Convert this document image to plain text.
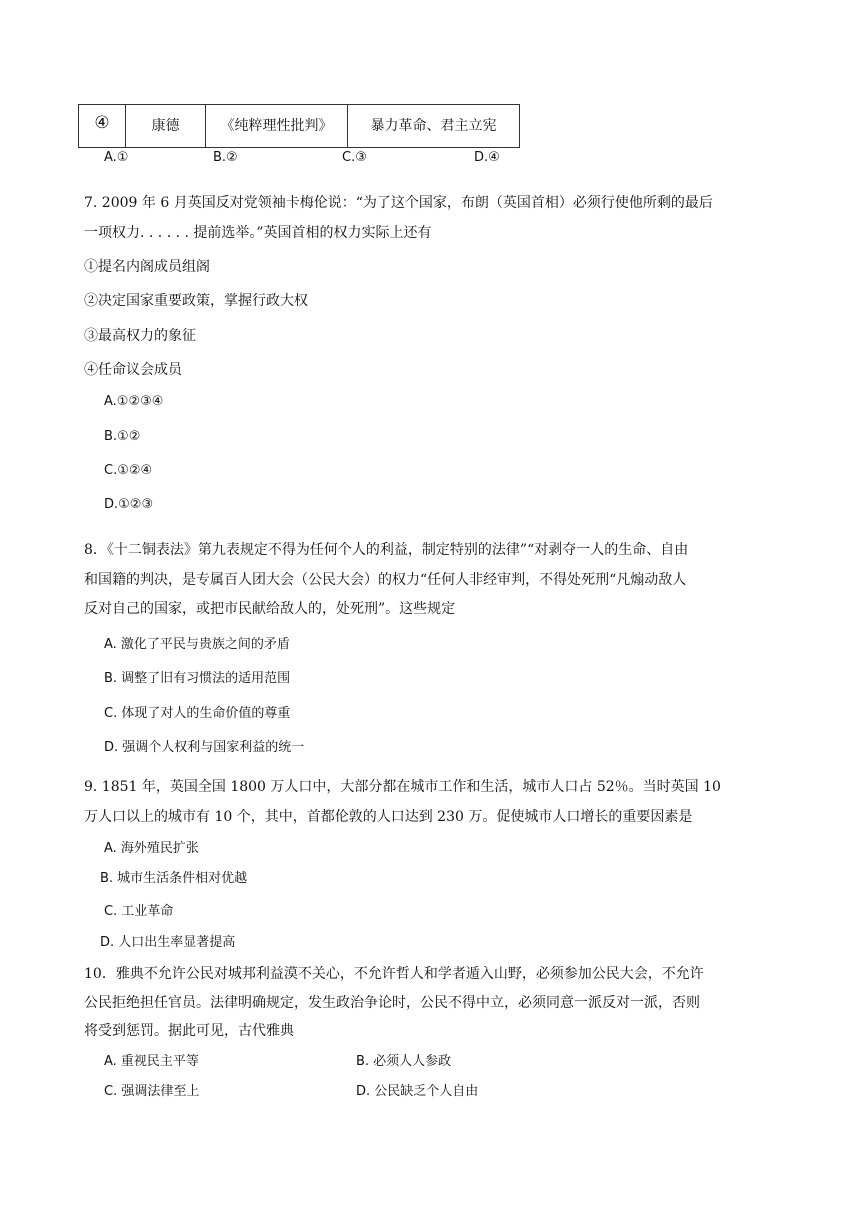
④	康德	《纯粹理性批判》	暴力革命、君主立宪
A.①	B.②	C.③	D.④
7. 2009 年 6 月英国反对党领袖卡梅伦说：“为了这个国家，布朗（英国首相）必须行使他所剩的最后
一项权力. . . . . . 提前选举。”英国首相的权力实际上还有
①提名内阁成员组阁
②决定国家重要政策，掌握行政大权
③最高权力的象征
④任命议会成员
A.①②③④
B.①②
C.①②④
D.①②③
8．《十二铜表法》第九表规定不得为任何个人的利益，制定特别的法律”“对剥夺一人的生命、自由
和国籍的判决，是专属百人团大会（公民大会）的权力“任何人非经审判，不得处死刑“凡煽动敌人
反对自己的国家，或把市民献给敌人的，处死刑”。这些规定
A. 激化了平民与贵族之间的矛盾
B. 调整了旧有习惯法的适用范围
C. 体现了对人的生命价值的尊重
D. 强调个人权利与国家利益的统一
9. 1851 年，英国全国 1800 万人口中，大部分都在城市工作和生活，城市人口占 52％。当时英国 10
万人口以上的城市有 10 个，其中，首都伦敦的人口达到 230 万。促使城市人口增长的重要因素是
A. 海外殖民扩张
B. 城市生活条件相对优越
C. 工业革命
D. 人口出生率显著提高
10．雅典不允许公民对城邦利益漠不关心，不允许哲人和学者遁入山野，必须参加公民大会，不允许
公民拒绝担任官员。法律明确规定，发生政治争论时，公民不得中立，必须同意一派反对一派，否则
将受到惩罚。据此可见，古代雅典
A. 重视民主平等	B. 必须人人参政
C. 强调法律至上	D. 公民缺乏个人自由
